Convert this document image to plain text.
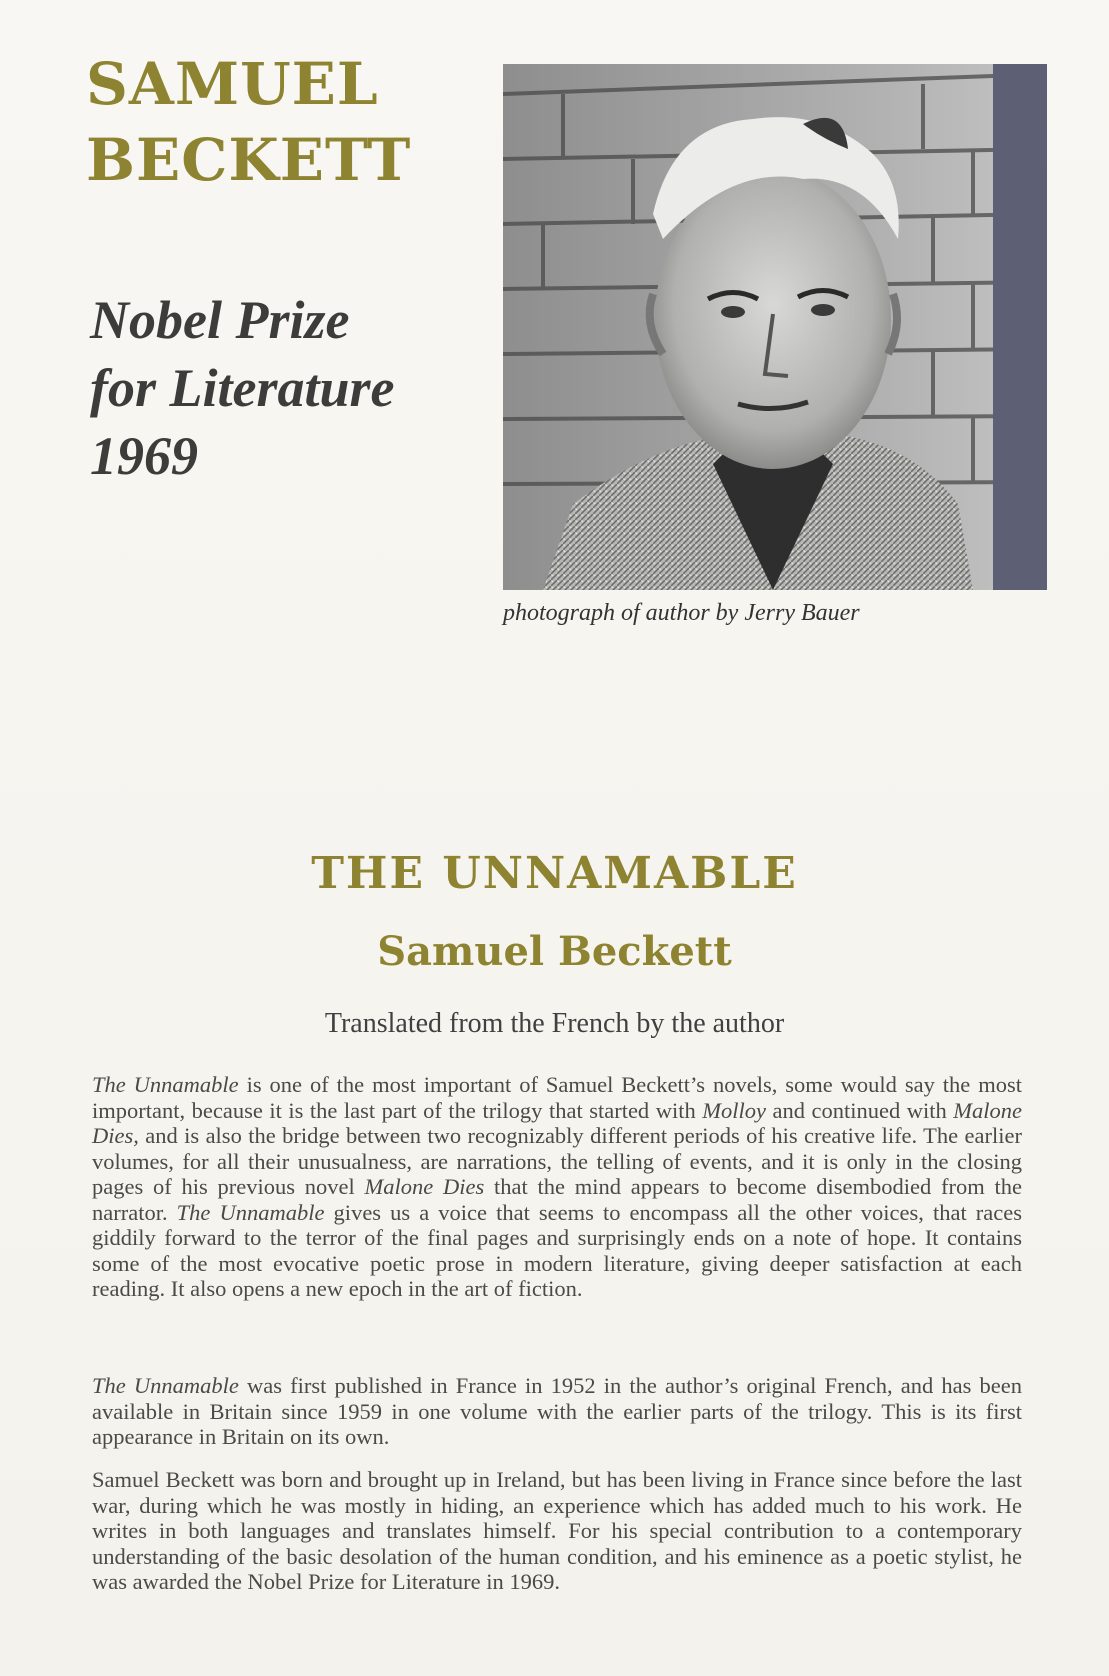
SAMUEL
BECKETT
Nobel Prize
for Literature
1969

photograph of author by Jerry Bauer

THE UNNAMABLE
Samuel Beckett

Translated from the French by the author

The Unnamable is one of the most important of Samuel Beckett’s novels, some would say the most important, because it is the last part of the trilogy that started with Molloy and continued with Malone Dies, and is also the bridge between two recognizably different periods of his creative life. The earlier volumes, for all their unusualness, are narrations, the telling of events, and it is only in the closing pages of his previous novel Malone Dies that the mind appears to become disembodied from the narrator. The Unnamable gives us a voice that seems to encompass all the other voices, that races giddily forward to the terror of the final pages and surprisingly ends on a note of hope. It contains some of the most evocative poetic prose in modern literature, giving deeper satisfaction at each reading. It also opens a new epoch in the art of fiction.

The Unnamable was first published in France in 1952 in the author’s original French, and has been available in Britain since 1959 in one volume with the earlier parts of the trilogy. This is its first appearance in Britain on its own.

Samuel Beckett was born and brought up in Ireland, but has been living in France since before the last war, during which he was mostly in hiding, an experience which has added much to his work. He writes in both languages and translates himself. For his special contribution to a contemporary understanding of the basic desolation of the human condition, and his eminence as a poetic stylist, he was awarded the Nobel Prize for Literature in 1969.
